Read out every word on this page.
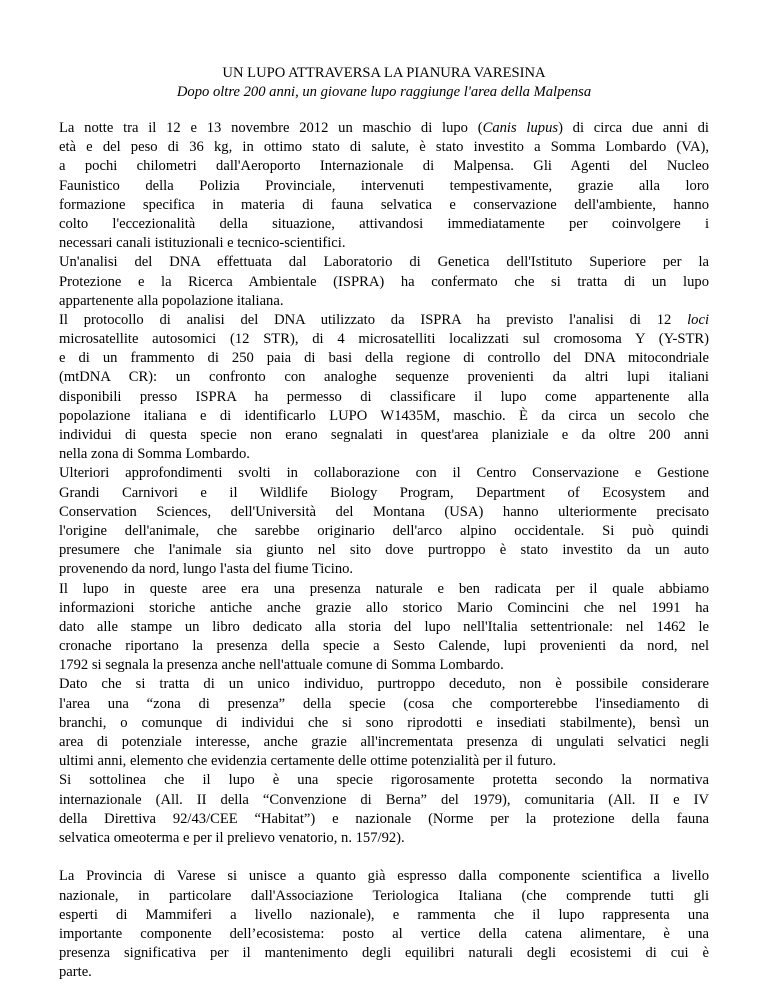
UN LUPO ATTRAVERSA LA PIANURA VARESINA
Dopo oltre 200 anni, un giovane lupo raggiunge l'area della Malpensa
La notte tra il 12 e 13 novembre 2012 un maschio di lupo (Canis lupus) di circa due anni di
età e del peso di 36 kg, in ottimo stato di salute, è stato investito a Somma Lombardo (VA),
a pochi chilometri dall'Aeroporto Internazionale di Malpensa. Gli Agenti del Nucleo
Faunistico della Polizia Provinciale, intervenuti tempestivamente, grazie alla loro
formazione specifica in materia di fauna selvatica e conservazione dell'ambiente, hanno
colto l'eccezionalità della situazione, attivandosi immediatamente per coinvolgere i
necessari canali istituzionali e tecnico-scientifici.
Un'analisi del DNA effettuata dal Laboratorio di Genetica dell'Istituto Superiore per la
Protezione e la Ricerca Ambientale (ISPRA) ha confermato che si tratta di un lupo
appartenente alla popolazione italiana.
Il protocollo di analisi del DNA utilizzato da ISPRA ha previsto l'analisi di 12 loci
microsatellite autosomici (12 STR), di 4 microsatelliti localizzati sul cromosoma Y (Y-STR)
e di un frammento di 250 paia di basi della regione di controllo del DNA mitocondriale
(mtDNA CR): un confronto con analoghe sequenze provenienti da altri lupi italiani
disponibili presso ISPRA ha permesso di classificare il lupo come appartenente alla
popolazione italiana e di identificarlo LUPO W1435M, maschio. È da circa un secolo che
individui di questa specie non erano segnalati in quest'area planiziale e da oltre 200 anni
nella zona di Somma Lombardo.
Ulteriori approfondimenti svolti in collaborazione con il Centro Conservazione e Gestione
Grandi Carnivori e il Wildlife Biology Program, Department of Ecosystem and
Conservation Sciences, dell'Università del Montana (USA) hanno ulteriormente precisato
l'origine dell'animale, che sarebbe originario dell'arco alpino occidentale. Si può quindi
presumere che l'animale sia giunto nel sito dove purtroppo è stato investito da un auto
provenendo da nord, lungo l'asta del fiume Ticino.
Il lupo in queste aree era una presenza naturale e ben radicata per il quale abbiamo
informazioni storiche antiche anche grazie allo storico Mario Comincini che nel 1991 ha
dato alle stampe un libro dedicato alla storia del lupo nell'Italia settentrionale: nel 1462 le
cronache riportano la presenza della specie a Sesto Calende, lupi provenienti da nord, nel
1792 si segnala la presenza anche nell'attuale comune di Somma Lombardo.
Dato che si tratta di un unico individuo, purtroppo deceduto, non è possibile considerare
l'area una “zona di presenza” della specie (cosa che comporterebbe l'insediamento di
branchi, o comunque di individui che si sono riprodotti e insediati stabilmente), bensì un
area di potenziale interesse, anche grazie all'incrementata presenza di ungulati selvatici negli
ultimi anni, elemento che evidenzia certamente delle ottime potenzialità per il futuro.
Si sottolinea che il lupo è una specie rigorosamente protetta secondo la normativa
internazionale (All. II della “Convenzione di Berna” del 1979), comunitaria (All. II e IV
della Direttiva 92/43/CEE “Habitat”) e nazionale (Norme per la protezione della fauna
selvatica omeoterma e per il prelievo venatorio, n. 157/92).
La Provincia di Varese si unisce a quanto già espresso dalla componente scientifica a livello
nazionale, in particolare dall'Associazione Teriologica Italiana (che comprende tutti gli
esperti di Mammiferi a livello nazionale), e rammenta che il lupo rappresenta una
importante componente dell’ecosistema: posto al vertice della catena alimentare, è una
presenza significativa per il mantenimento degli equilibri naturali degli ecosistemi di cui è
parte.
